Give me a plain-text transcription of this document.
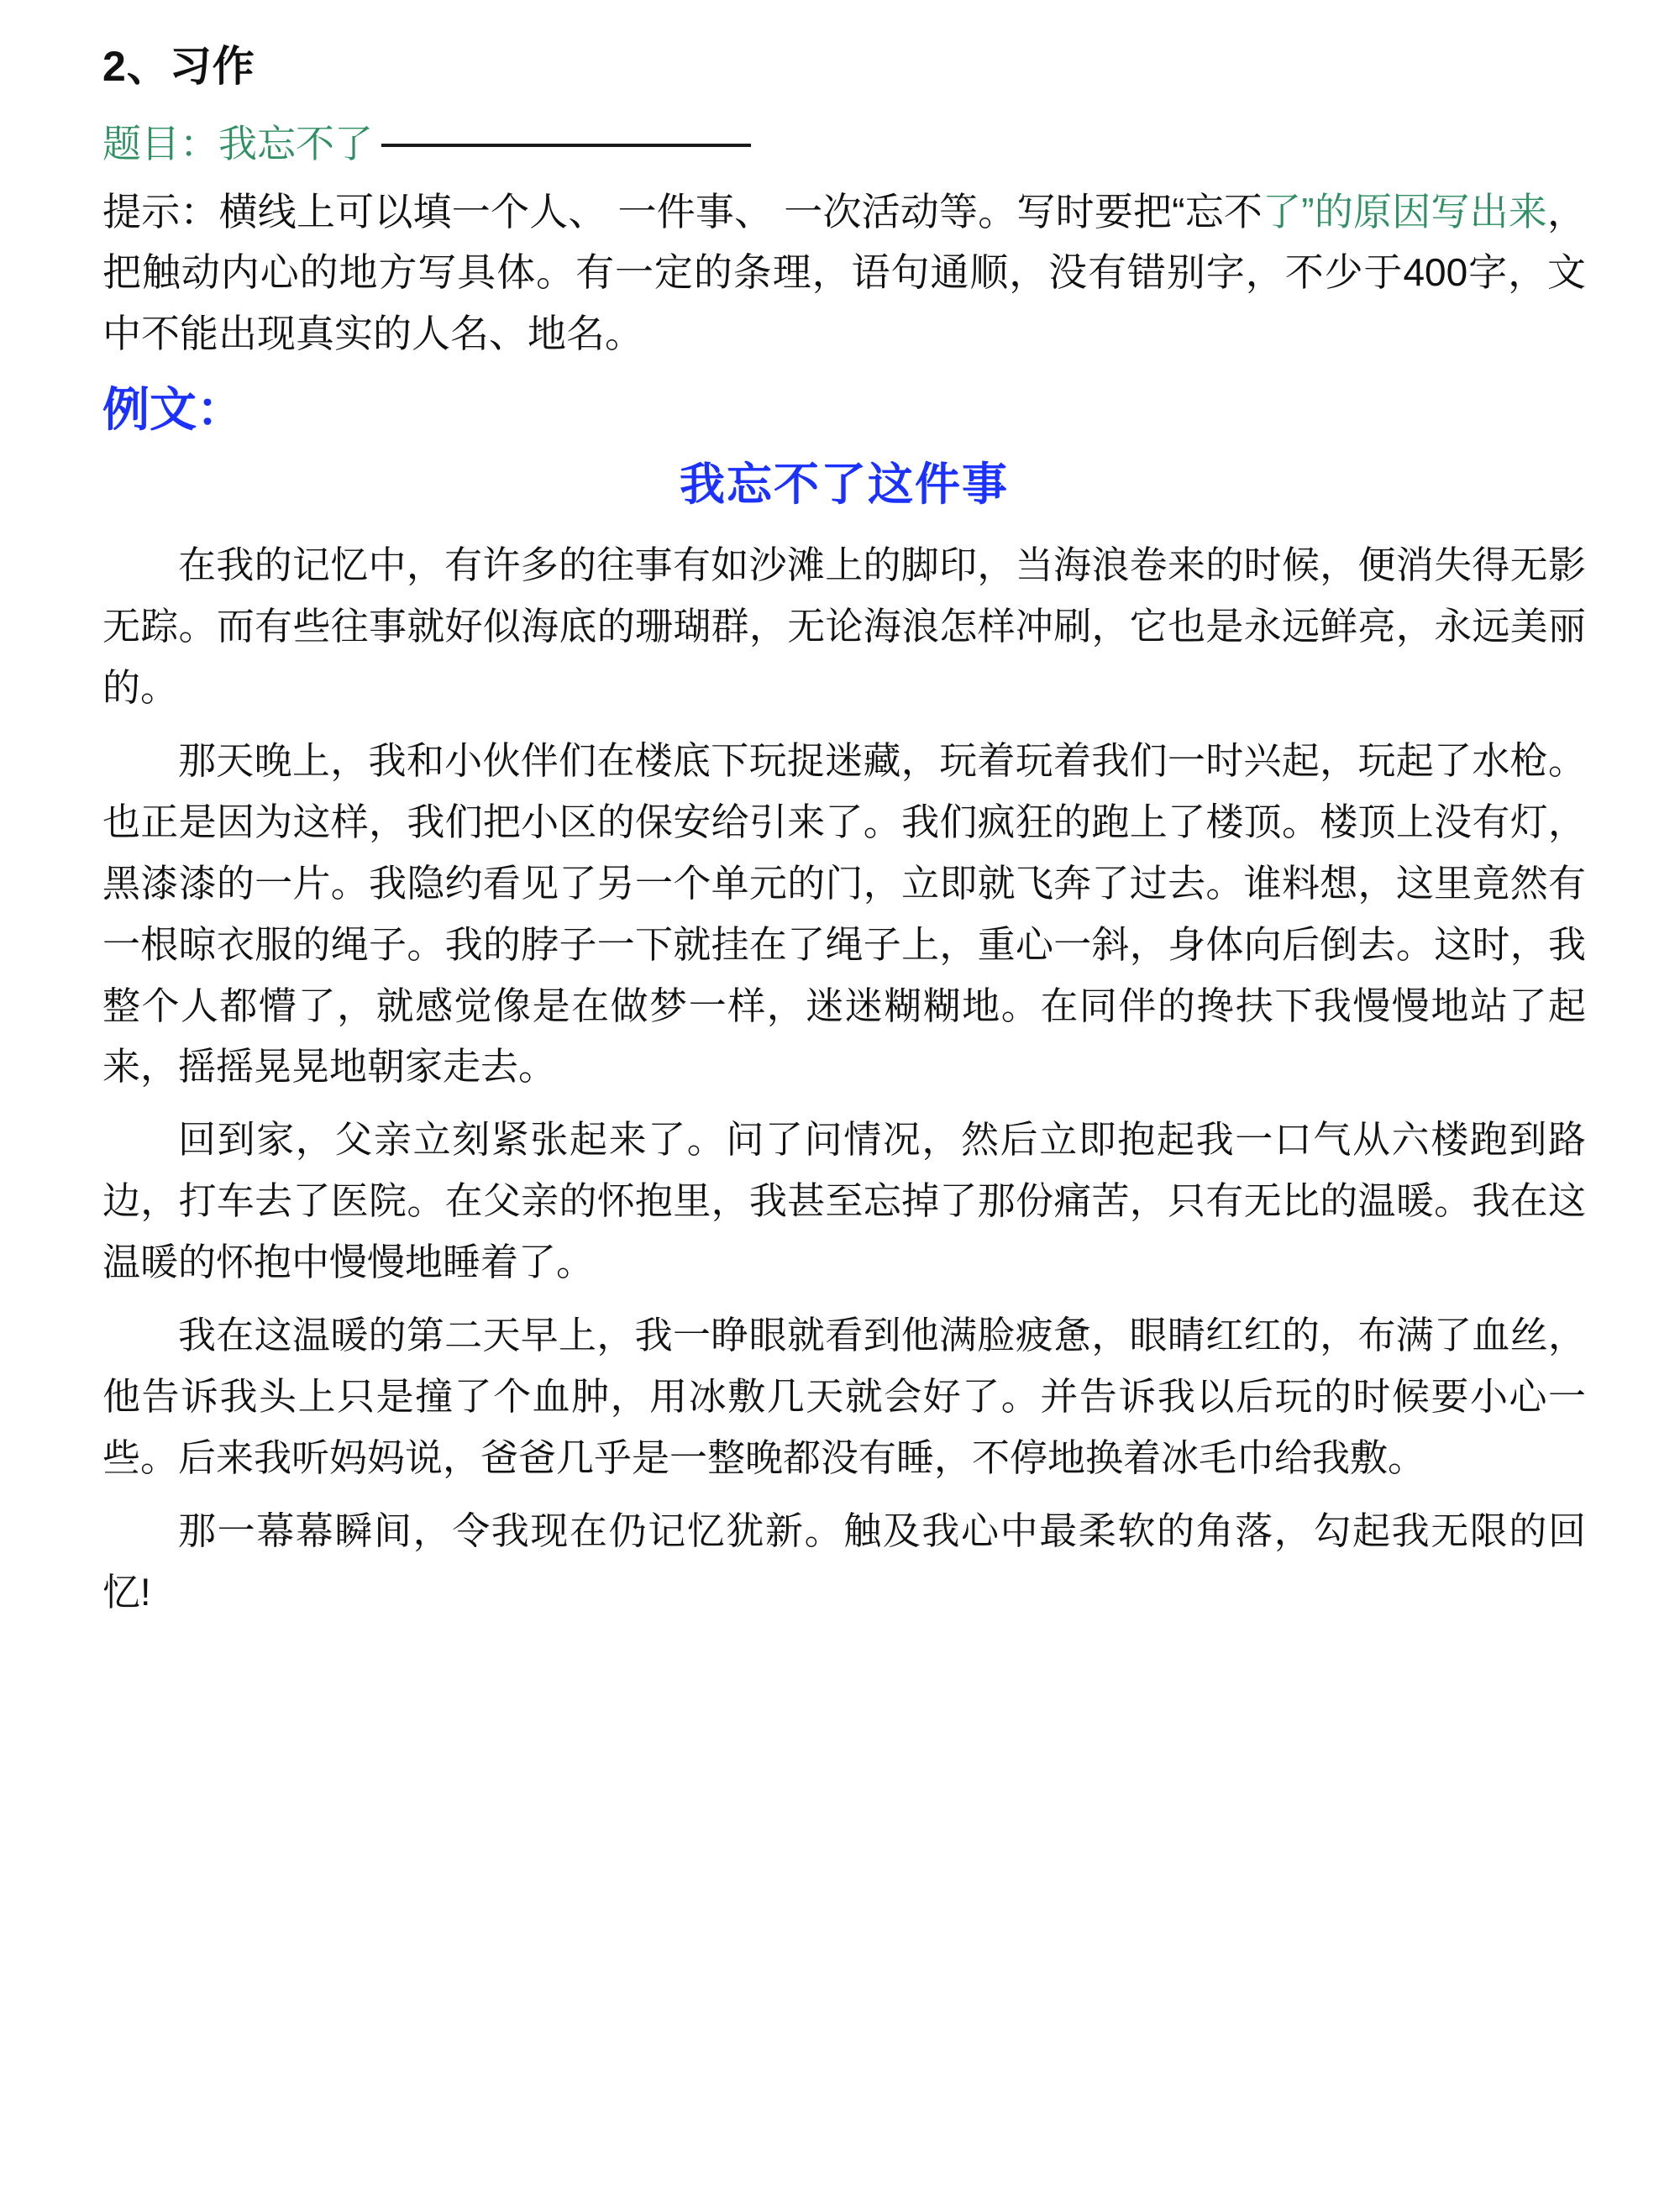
2、习作
题目：我忘不了

提示：横线上可以填一个人、 一件事、 一次活动等。写时要把“忘不了”的原因写出来，把触动内心的地方写具体。有一定的条理，语句通顺，没有错别字，不少于400字，文中不能出现真实的人名、地名。

例文：
我忘不了这件事

在我的记忆中，有许多的往事有如沙滩上的脚印，当海浪卷来的时候，便消失得无影无踪。而有些往事就好似海底的珊瑚群，无论海浪怎样冲刷，它也是永远鲜亮，永远美丽的。

那天晚上，我和小伙伴们在楼底下玩捉迷藏，玩着玩着我们一时兴起，玩起了水枪。也正是因为这样，我们把小区的保安给引来了。我们疯狂的跑上了楼顶。楼顶上没有灯，黑漆漆的一片。我隐约看见了另一个单元的门，立即就飞奔了过去。谁料想，这里竟然有一根晾衣服的绳子。我的脖子一下就挂在了绳子上，重心一斜，身体向后倒去。这时，我整个人都懵了，就感觉像是在做梦一样，迷迷糊糊地。在同伴的搀扶下我慢慢地站了起来，摇摇晃晃地朝家走去。

回到家，父亲立刻紧张起来了。问了问情况，然后立即抱起我一口气从六楼跑到路边，打车去了医院。在父亲的怀抱里，我甚至忘掉了那份痛苦，只有无比的温暖。我在这温暖的怀抱中慢慢地睡着了。

我在这温暖的第二天早上，我一睁眼就看到他满脸疲惫，眼睛红红的，布满了血丝，他告诉我头上只是撞了个血肿，用冰敷几天就会好了。并告诉我以后玩的时候要小心一些。后来我听妈妈说，爸爸几乎是一整晚都没有睡，不停地换着冰毛巾给我敷。

那一幕幕瞬间，令我现在仍记忆犹新。触及我心中最柔软的角落，勾起我无限的回忆!
